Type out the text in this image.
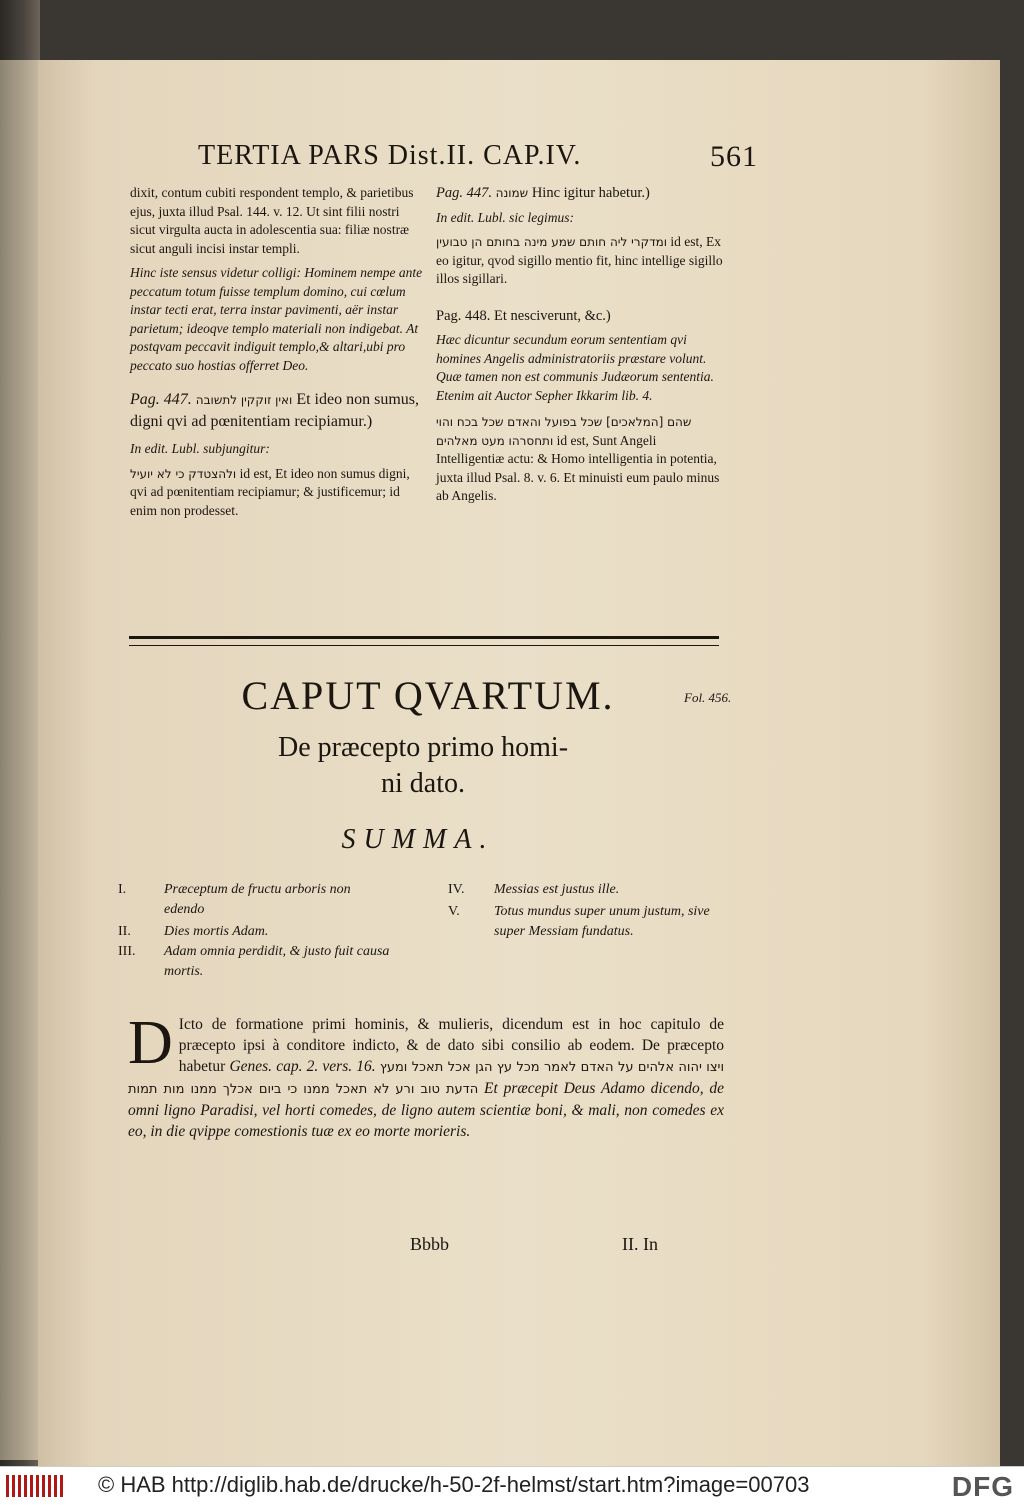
TERTIA PARS Dist.II. CAP.IV.	561

dixit, contum cubiti respondent templo, & parietibus ejus, juxta illud Psal. 144. v. 12. Ut sint filii nostri sicut virgulta aucta in adolescentia sua: filiæ nostræ sicut anguli incisi instar templi.

Hinc iste sensus videtur colligi: Hominem nempe ante peccatum totum fuisse templum domino, cui cœlum instar tecti erat, terra instar pavimenti, aër instar parietum; ideoqve templo materiali non indigebat. At postqvam peccavit indiguit templo,& altari,ubi pro peccato suo hostias offerret Deo.

Pag. 447. ואין זוקקין לתשובה Et ideo non sumus, digni qvi ad pœnitentiam recipiamur.)

In edit. Lubl. subjungitur:

ולהצטדק כי לא יועיל id est, Et ideo non sumus digni, qvi ad pœnitentiam recipiamur; & justificemur; id enim non prodesset.

Pag. 447. שמונה Hinc igitur habetur.)

In edit. Lubl. sic legimus:

ומדקרי ליה חותם שמע מינה בחותם הן טבועין id est, Ex eo igitur, qvod sigillo mentio fit, hinc intellige sigillo illos sigillari.

Pag. 448. Et nesciverunt, &c.)

Hæc dicuntur secundum eorum sententiam qvi homines Angelis administratoriis præstare volunt. Quæ tamen non est communis Judæorum sententia. Etenim ait Auctor Sepher Ikkarim lib. 4.

שהם [המלאכים] שכל בפועל והאדם שכל בכח והוי ותחסרהו מעט מאלהים id est, Sunt Angeli Intelligentiæ actu: & Homo intelligentia in potentia, juxta illud Psal. 8. v. 6. Et minuisti eum paulo minus ab Angelis.

CAPUT QVARTUM.	Fol. 456.
De præcepto primo homi-
ni dato.
SUMMA.
I.	Præceptum de fructu arboris non edendo
II. Dies mortis Adam.
III. Adam omnia perdidit, & justo fuit causa mortis.
IV. Messias est justus ille.
V. Totus mundus super unum justum, sive super Messiam fundatus.
D Icto de formatione primi hominis, & mulieris, dicendum est in hoc capitulo de præcepto ipsi à conditore indicto, & de dato sibi consilio ab eodem. De præcepto habetur Genes. cap. 2. vers. 16. ויצו יהוה אלהים על האדם לאמר מכל עץ הגן אכל תאכל ומעץ הדעת טוב ורע לא תאכל ממנו כי ביום אכלך ממנו מות תמות Et præcepit Deus Adamo dicendo, de omni ligno Paradisi, vel horti comedes, de ligno autem scientiæ boni, & mali, non comedes ex eo, in die qvippe comestionis tuæ ex eo morte morieris.
Bbbb	II. In
© HAB http://diglib.hab.de/drucke/h-50-2f-helmst/start.htm?image=00703	DFG
